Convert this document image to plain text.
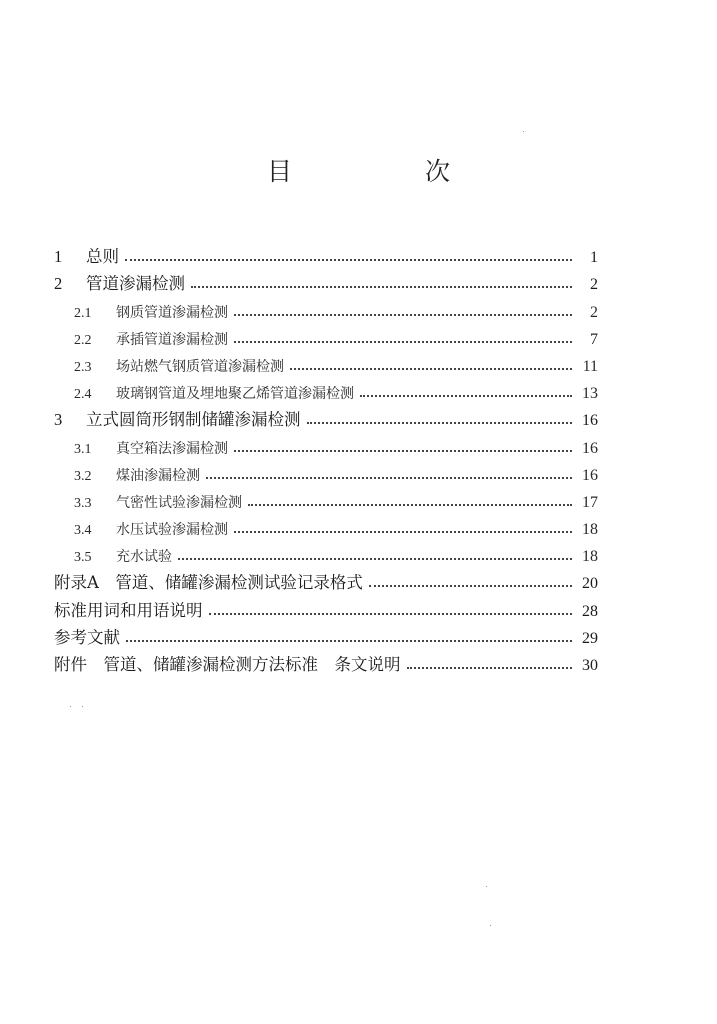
目　次
1	总则	1
2	管道渗漏检测	2
2.1	钢质管道渗漏检测	2
2.2	承插管道渗漏检测	7
2.3	场站燃气钢质管道渗漏检测	11
2.4	玻璃钢管道及埋地聚乙烯管道渗漏检测	13
3	立式圆筒形钢制储罐渗漏检测	16
3.1	真空箱法渗漏检测	16
3.2	煤油渗漏检测	16
3.3	气密性试验渗漏检测	17
3.4	水压试验渗漏检测	18
3.5	充水试验	18
附录A　管道、储罐渗漏检测试验记录格式	20
标准用词和用语说明	28
参考文献	29
附件　管道、储罐渗漏检测方法标准　条文说明	30
